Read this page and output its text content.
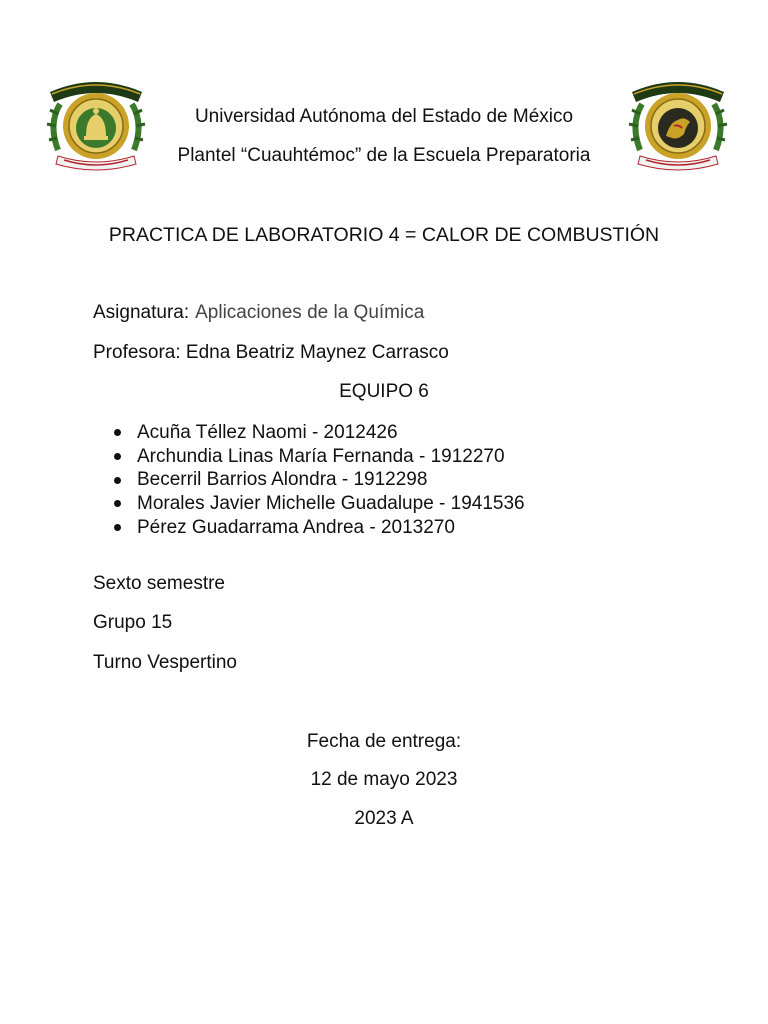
Universidad Autónoma del Estado de México
Plantel “Cuauhtémoc” de la Escuela Preparatoria
PRACTICA DE LABORATORIO 4 = CALOR DE COMBUSTIÓN
Asignatura: Aplicaciones de la Química
Profesora: Edna Beatriz Maynez Carrasco
EQUIPO 6
Acuña Téllez Naomi - 2012426
Archundia Linas María Fernanda - 1912270
Becerril Barrios Alondra - 1912298
Morales Javier Michelle Guadalupe - 1941536
Pérez Guadarrama Andrea - 2013270
Sexto semestre
Grupo 15
Turno Vespertino
Fecha de entrega:
12 de mayo 2023
2023 A
